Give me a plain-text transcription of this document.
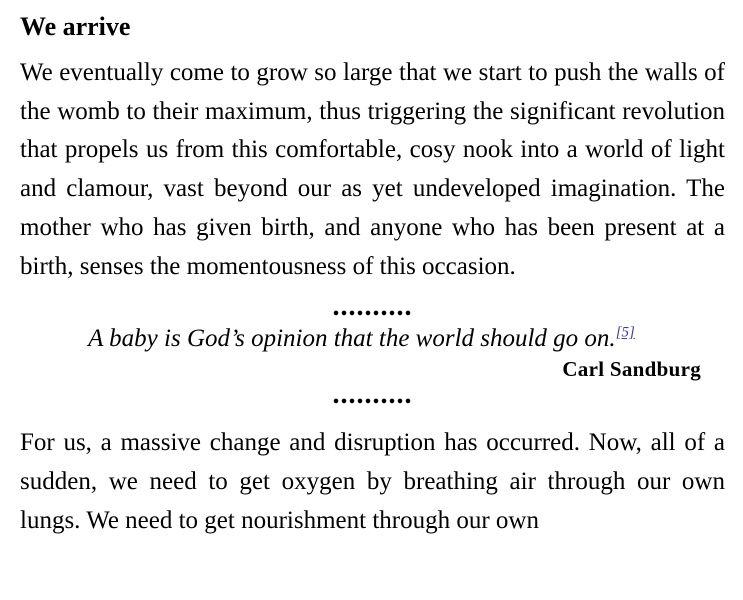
We arrive

We eventually come to grow so large that we start to push the walls of the womb to their maximum, thus triggering the significant revolution that propels us from this comfortable, cosy nook into a world of light and clamour, vast beyond our as yet undeveloped imagination. The mother who has given birth, and anyone who has been present at a birth, senses the momentousness of this occasion.

..........
A baby is God’s opinion that the world should go on.[5]
Carl Sandburg
..........

For us, a massive change and disruption has occurred. Now, all of a sudden, we need to get oxygen by breathing air through our own lungs. We need to get nourishment through our own
